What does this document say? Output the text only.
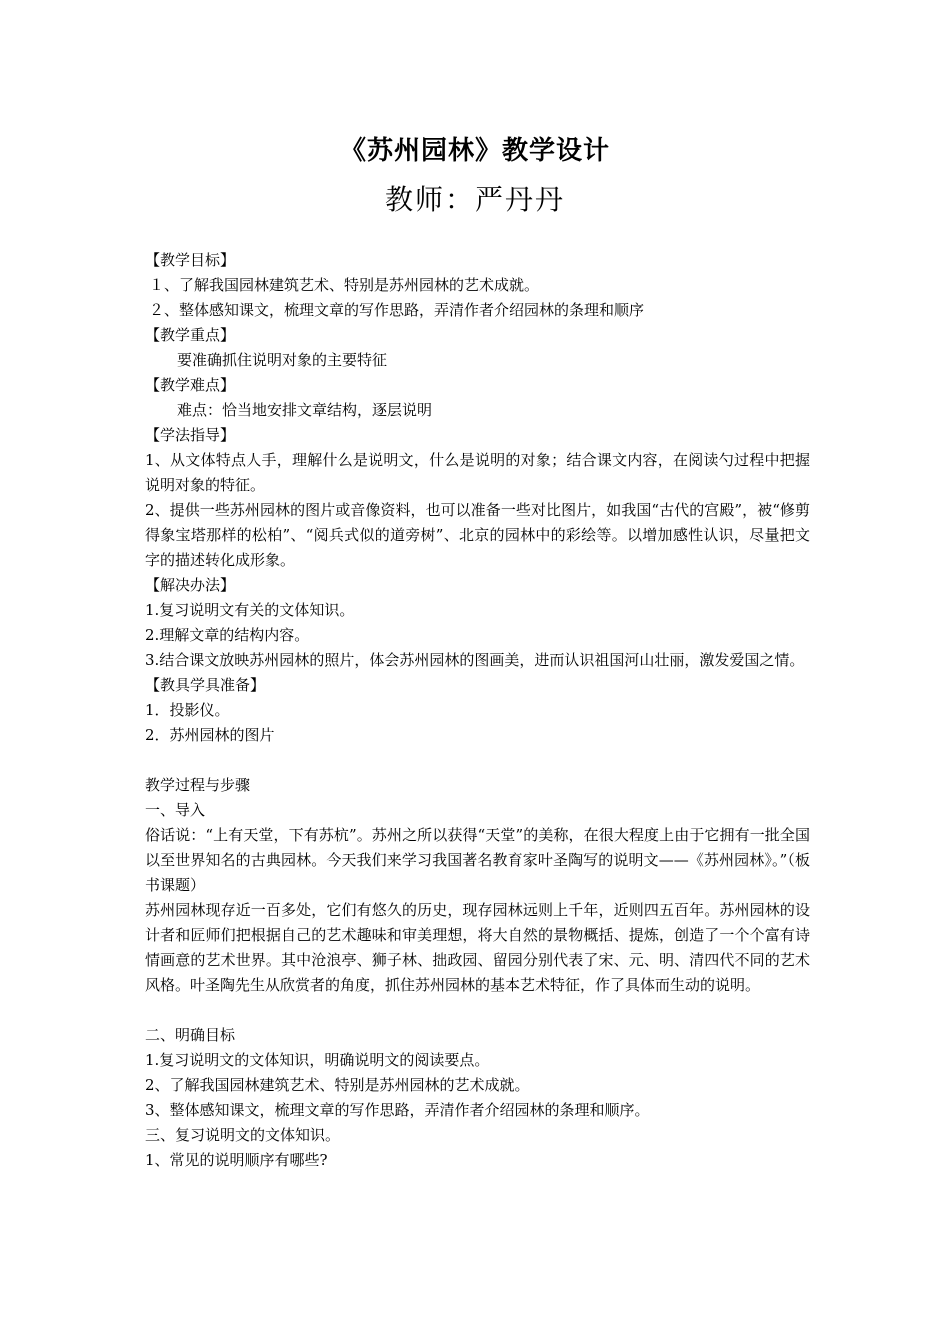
《苏州园林》教学设计
教师：严丹丹
【教学目标】
１、了解我国园林建筑艺术、特别是苏州园林的艺术成就。
２、整体感知课文，梳理文章的写作思路，弄清作者介绍园林的条理和顺序
【教学重点】
要准确抓住说明对象的主要特征
【教学难点】
难点：恰当地安排文章结构，逐层说明
【学法指导】

1、从文体特点人手，理解什么是说明文，什么是说明的对象；结合课文内容，在阅读勺过程中把握说明对象的特征。

2、提供一些苏州园林的图片或音像资料，也可以准备一些对比图片，如我国“古代的宫殿”，被“修剪得象宝塔那样的松柏”、“阅兵式似的道旁树”、北京的园林中的彩绘等。以增加感性认识，尽量把文字的描述转化成形象。

【解决办法】
1.复习说明文有关的文体知识。
2.理解文章的结构内容。

3.结合课文放映苏州园林的照片，体会苏州园林的图画美，进而认识祖国河山壮丽，激发爱国之情。

【教具学具准备】
1．投影仪。
2．苏州园林的图片
教学过程与步骤
一、导入

俗话说：“上有天堂，下有苏杭”。苏州之所以获得“天堂”的美称，在很大程度上由于它拥有一批全国以至世界知名的古典园林。今天我们来学习我国著名教育家叶圣陶写的说明文——《苏州园林》。”（板书课题）

苏州园林现存近一百多处，它们有悠久的历史，现存园林远则上千年，近则四五百年。苏州园林的设计者和匠师们把根据自己的艺术趣味和审美理想，将大自然的景物概括、提炼，创造了一个个富有诗情画意的艺术世界。其中沧浪亭、狮子林、拙政园、留园分别代表了宋、元、明、清四代不同的艺术风格。叶圣陶先生从欣赏者的角度，抓住苏州园林的基本艺术特征，作了具体而生动的说明。

二、明确目标
1.复习说明文的文体知识，明确说明文的阅读要点。
2、了解我国园林建筑艺术、特别是苏州园林的艺术成就。
3、整体感知课文，梳理文章的写作思路，弄清作者介绍园林的条理和顺序。
三、复习说明文的文体知识。
1、常见的说明顺序有哪些?
